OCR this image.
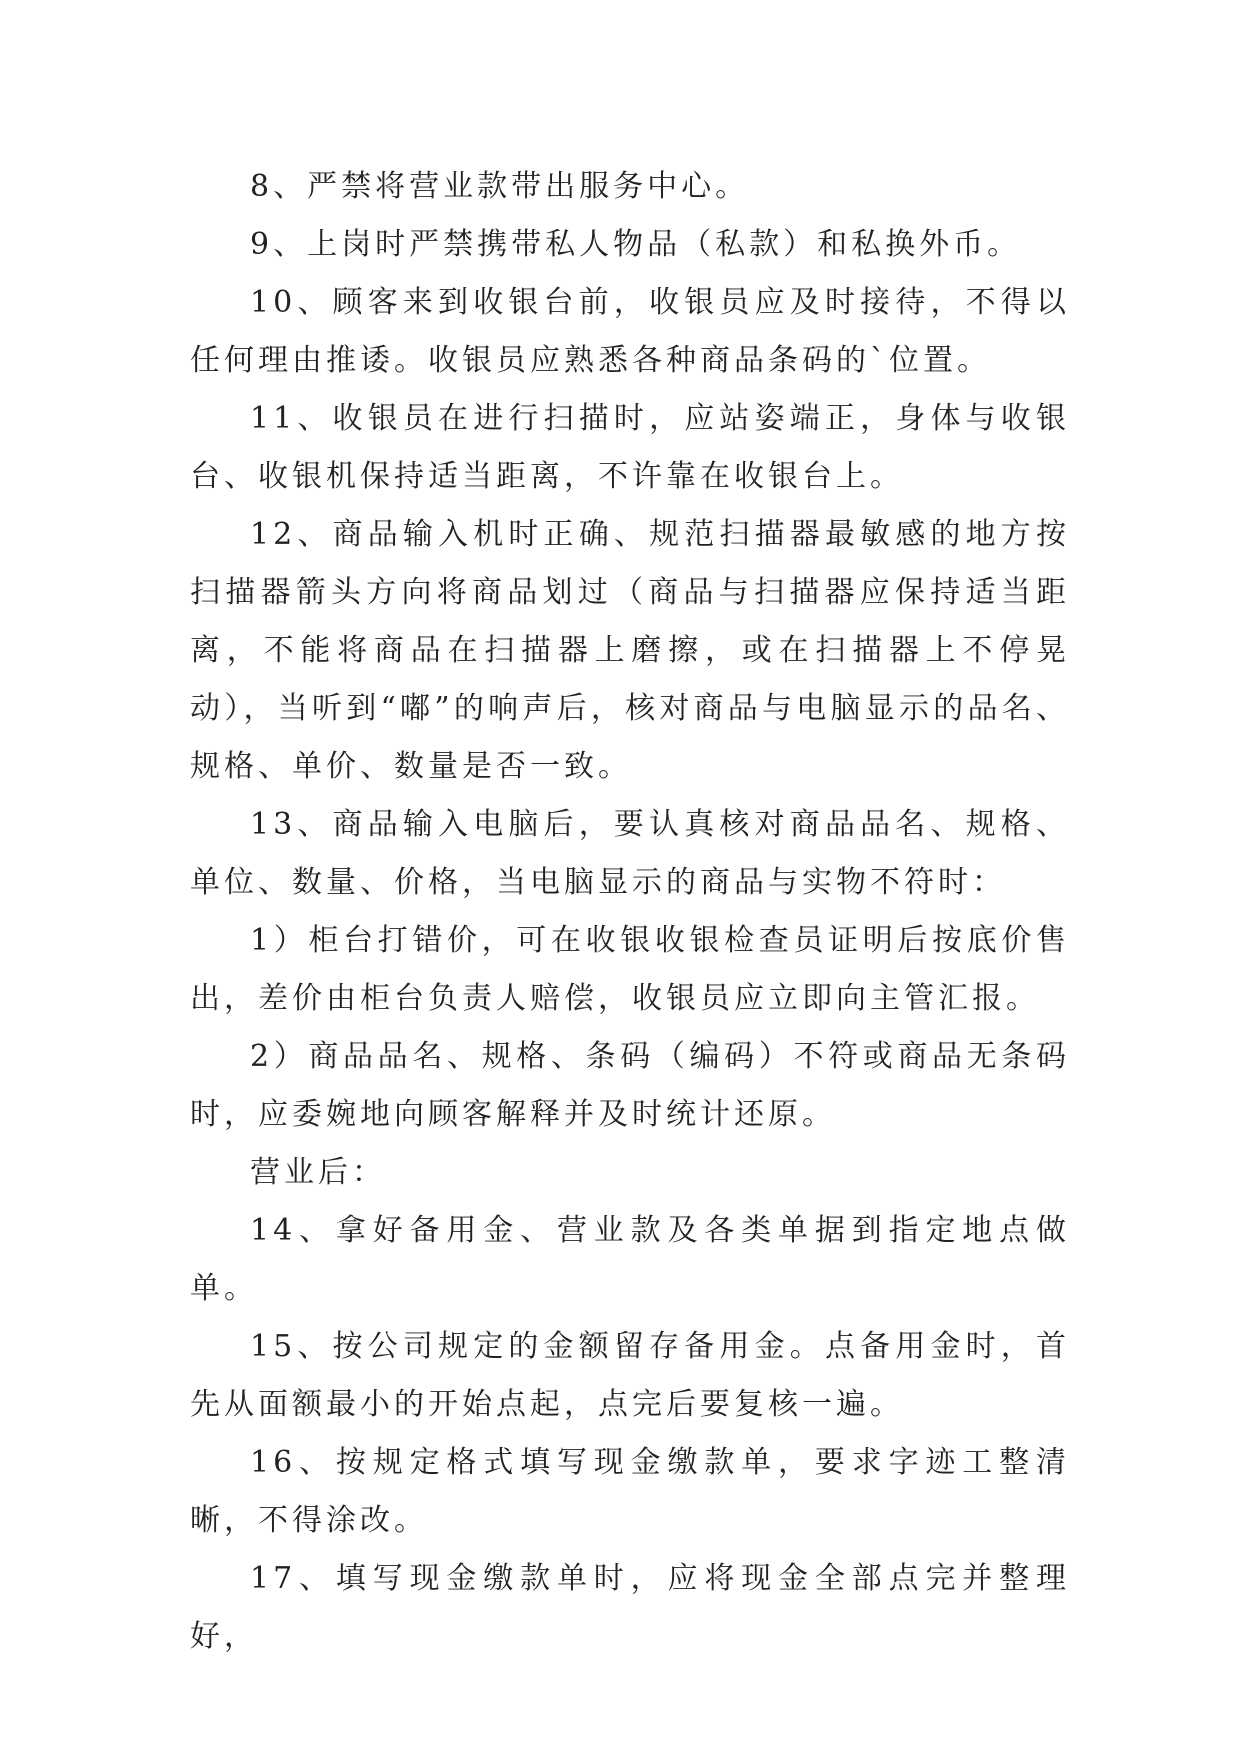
8、严禁将营业款带出服务中心。

9、上岗时严禁携带私人物品（私款）和私换外币。

10、顾客来到收银台前，收银员应及时接待，不得以任何理由推诿。收银员应熟悉各种商品条码的`位置。

11、收银员在进行扫描时，应站姿端正，身体与收银台、收银机保持适当距离，不许靠在收银台上。

12、商品输入机时正确、规范扫描器最敏感的地方按扫描器箭头方向将商品划过（商品与扫描器应保持适当距离，不能将商品在扫描器上磨擦，或在扫描器上不停晃动），当听到“嘟”的响声后，核对商品与电脑显示的品名、规格、单价、数量是否一致。

13、商品输入电脑后，要认真核对商品品名、规格、单位、数量、价格，当电脑显示的商品与实物不符时：

1）柜台打错价，可在收银收银检查员证明后按底价售出，差价由柜台负责人赔偿，收银员应立即向主管汇报。

2）商品品名、规格、条码（编码）不符或商品无条码时，应委婉地向顾客解释并及时统计还原。

营业后：

14、拿好备用金、营业款及各类单据到指定地点做单。

15、按公司规定的金额留存备用金。点备用金时，首先从面额最小的开始点起，点完后要复核一遍。

16、按规定格式填写现金缴款单，要求字迹工整清晰，不得涂改。

17、填写现金缴款单时，应将现金全部点完并整理好，
